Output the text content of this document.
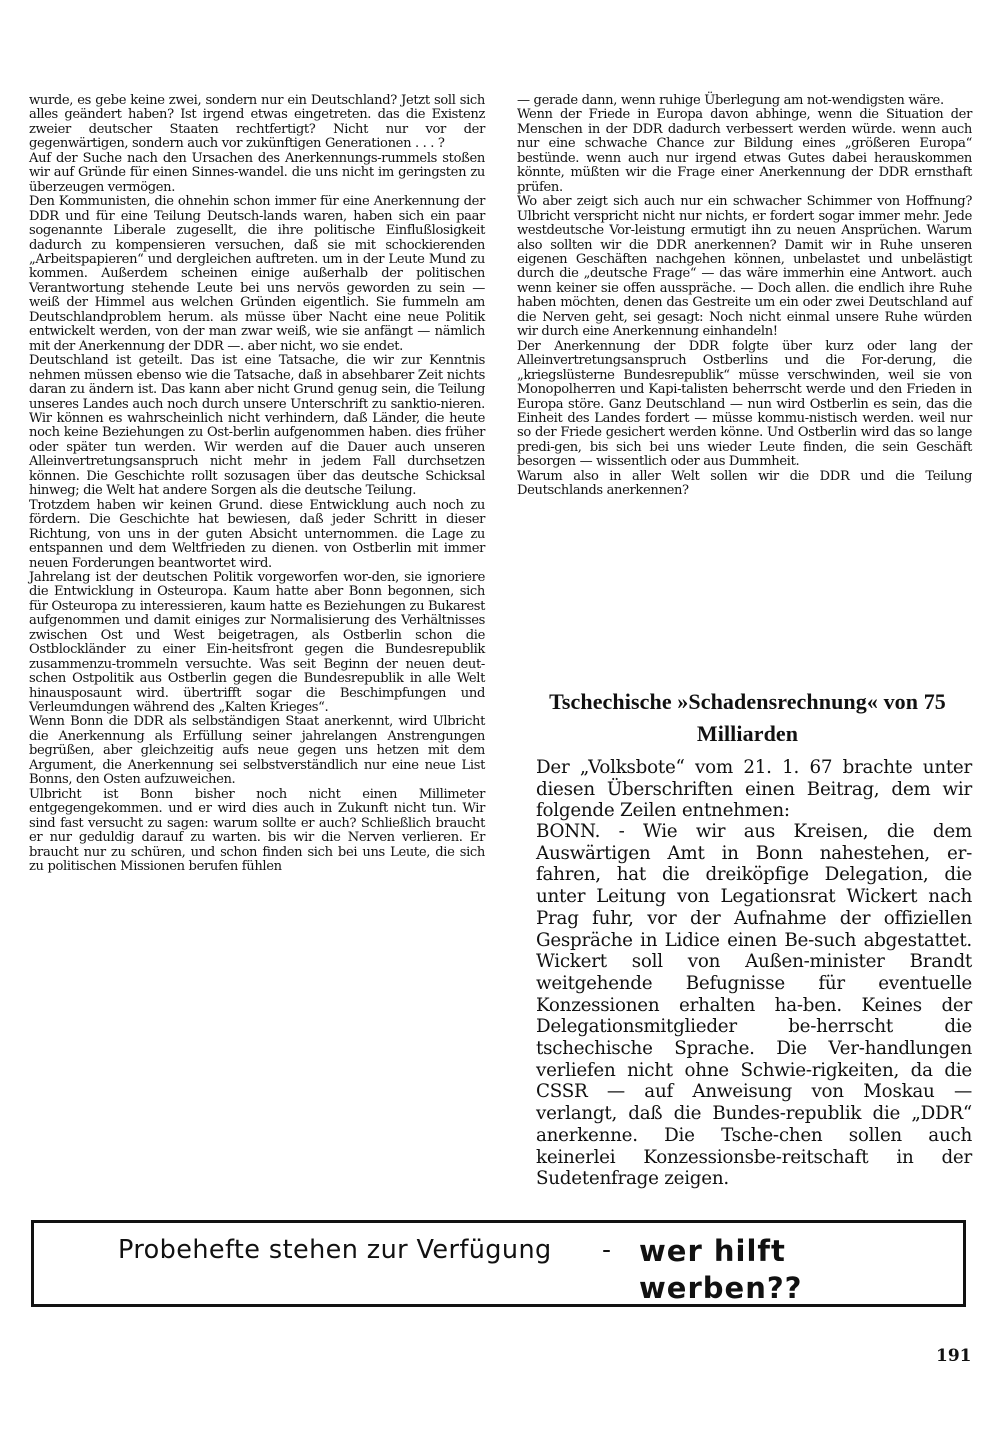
wurde, es gebe keine zwei, sondern nur ein Deutschland? Jetzt soll sich alles geändert haben? Ist irgend etwas eingetreten. das die Existenz zweier deutscher Staaten rechtfertigt? Nicht nur vor der gegenwärtigen, sondern auch vor zukünftigen Generationen . . . ?

Auf der Suche nach den Ursachen des Anerkennungs-rummels stoßen wir auf Gründe für einen Sinnes-wandel. die uns nicht im geringsten zu überzeugen vermögen.

Den Kommunisten, die ohnehin schon immer für eine Anerkennung der DDR und für eine Teilung Deutsch-lands waren, haben sich ein paar sogenannte Liberale zugesellt, die ihre politische Einflußlosigkeit dadurch zu kompensieren versuchen, daß sie mit schockierenden „Arbeitspapieren“ und dergleichen auftreten. um in der Leute Mund zu kommen. Außerdem scheinen einige außerhalb der politischen Verantwortung stehende Leute bei uns nervös geworden zu sein — weiß der Himmel aus welchen Gründen eigentlich. Sie fummeln am Deutschlandproblem herum. als müsse über Nacht eine neue Politik entwickelt werden, von der man zwar weiß, wie sie anfängt — nämlich mit der Anerkennung der DDR —. aber nicht, wo sie endet.

Deutschland ist geteilt. Das ist eine Tatsache, die wir zur Kenntnis nehmen müssen ebenso wie die Tatsache, daß in absehbarer Zeit nichts daran zu ändern ist. Das kann aber nicht Grund genug sein, die Teilung unseres Landes auch noch durch unsere Unterschrift zu sanktio-nieren. Wir können es wahrscheinlich nicht verhindern, daß Länder, die heute noch keine Beziehungen zu Ost-berlin aufgenommen haben. dies früher oder später tun werden. Wir werden auf die Dauer auch unseren Alleinvertretungsanspruch nicht mehr in jedem Fall durchsetzen können. Die Geschichte rollt sozusagen über das deutsche Schicksal hinweg; die Welt hat andere Sorgen als die deutsche Teilung.

Trotzdem haben wir keinen Grund. diese Entwicklung auch noch zu fördern. Die Geschichte hat bewiesen, daß jeder Schritt in dieser Richtung, von uns in der guten Absicht unternommen. die Lage zu entspannen und dem Weltfrieden zu dienen. von Ostberlin mit immer neuen Forderungen beantwortet wird.

Jahrelang ist der deutschen Politik vorgeworfen wor-den, sie ignoriere die Entwicklung in Osteuropa. Kaum hatte aber Bonn begonnen, sich für Osteuropa zu interessieren, kaum hatte es Beziehungen zu Bukarest aufgenommen und damit einiges zur Normalisierung des Verhältnisses zwischen Ost und West beigetragen, als Ostberlin schon die Ostblockländer zu einer Ein-heitsfront gegen die Bundesrepublik zusammenzu-trommeln versuchte. Was seit Beginn der neuen deut-schen Ostpolitik aus Ostberlin gegen die Bundesrepublik in alle Welt hinausposaunt wird. übertrifft sogar die Beschimpfungen und Verleumdungen während des „Kalten Krieges“.

Wenn Bonn die DDR als selbständigen Staat anerkennt, wird Ulbricht die Anerkennung als Erfüllung seiner jahrelangen Anstrengungen begrüßen, aber gleichzeitig aufs neue gegen uns hetzen mit dem Argument, die Anerkennung sei selbstverständlich nur eine neue List Bonns, den Osten aufzuweichen.

Ulbricht ist Bonn bisher noch nicht einen Millimeter entgegengekommen. und er wird dies auch in Zukunft nicht tun. Wir sind fast versucht zu sagen: warum sollte er auch? Schließlich braucht er nur geduldig darauf zu warten. bis wir die Nerven verlieren. Er braucht nur zu schüren, und schon finden sich bei uns Leute, die sich zu politischen Missionen berufen fühlen

— gerade dann, wenn ruhige Überlegung am not-wendigsten wäre.

Wenn der Friede in Europa davon abhinge, wenn die Situation der Menschen in der DDR dadurch verbessert werden würde. wenn auch nur eine schwache Chance zur Bildung eines „größeren Europa“ bestünde. wenn auch nur irgend etwas Gutes dabei herauskommen könnte, müßten wir die Frage einer Anerkennung der DDR ernsthaft prüfen.

Wo aber zeigt sich auch nur ein schwacher Schimmer von Hoffnung? Ulbricht verspricht nicht nur nichts, er fordert sogar immer mehr. Jede westdeutsche Vor-leistung ermutigt ihn zu neuen Ansprüchen. Warum also sollten wir die DDR anerkennen? Damit wir in Ruhe unseren eigenen Geschäften nachgehen können, unbelastet und unbelästigt durch die „deutsche Frage“ — das wäre immerhin eine Antwort. auch wenn keiner sie offen ausspräche. — Doch allen. die endlich ihre Ruhe haben möchten, denen das Gestreite um ein oder zwei Deutschland auf die Nerven geht, sei gesagt: Noch nicht einmal unsere Ruhe würden wir durch eine Anerkennung einhandeln!

Der Anerkennung der DDR folgte über kurz oder lang der Alleinvertretungsanspruch Ostberlins und die For-derung, die „kriegslüsterne Bundesrepublik“ müsse verschwinden, weil sie von Monopolherren und Kapi-talisten beherrscht werde und den Frieden in Europa störe. Ganz Deutschland — nun wird Ostberlin es sein, das die Einheit des Landes fordert — müsse kommu-nistisch werden. weil nur so der Friede gesichert werden könne. Und Ostberlin wird das so lange predi-gen, bis sich bei uns wieder Leute finden, die sein Geschäft besorgen — wissentlich oder aus Dummheit.

Warum also in aller Welt sollen wir die DDR und die Teilung Deutschlands anerkennen?

Tschechische »Schadensrechnung« von 75 Milliarden

Der „Volksbote“ vom 21. 1. 67 brachte unter diesen Überschriften einen Beitrag, dem wir folgende Zeilen entnehmen:

BONN. - Wie wir aus Kreisen, die dem Auswärtigen Amt in Bonn nahestehen, er-fahren, hat die dreiköpfige Delegation, die unter Leitung von Legationsrat Wickert nach Prag fuhr, vor der Aufnahme der offiziellen Gespräche in Lidice einen Be-such abgestattet. Wickert soll von Außen-minister Brandt weitgehende Befugnisse für eventuelle Konzessionen erhalten ha-ben. Keines der Delegationsmitglieder be-herrscht die tschechische Sprache. Die Ver-handlungen verliefen nicht ohne Schwie-rigkeiten, da die CSSR — auf Anweisung von Moskau — verlangt, daß die Bundes-republik die „DDR“ anerkenne. Die Tsche-chen sollen auch keinerlei Konzessionsbe-reitschaft in der Sudetenfrage zeigen.

Probehefte stehen zur Verfügung - wer hilft
werben??
191
